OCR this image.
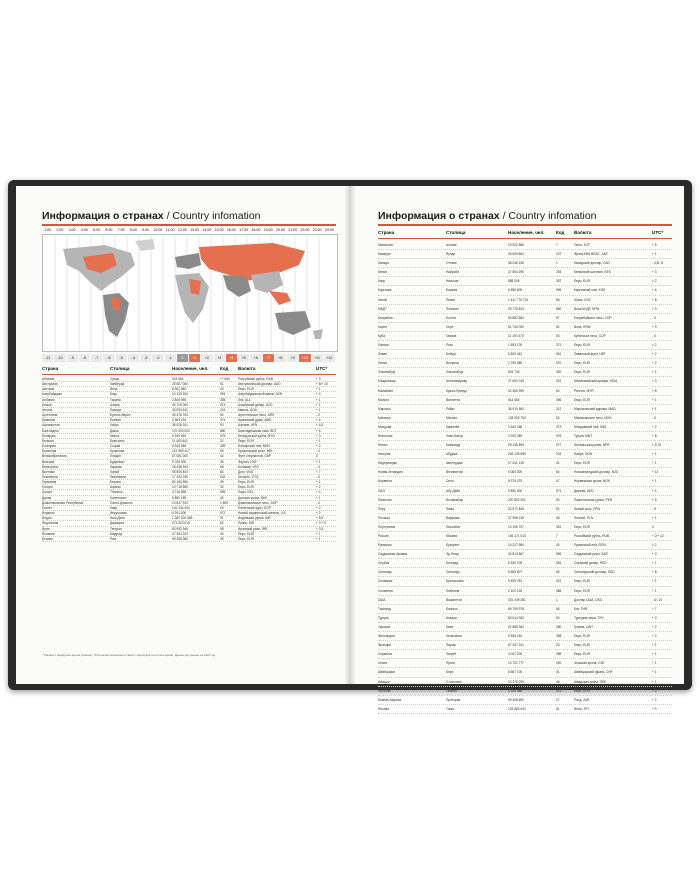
Информация о странах / Country infomation
1:00	2:00	3:00	4:00	5:00	6:00	7:00	8:00	9:00	10:00 11:00 12:00 13:00 14:00 15:00 16:00 17:00 18:00 19:00 20:00 21:00 22:00 23:00 24:00
-11	-10	-9	-8	-7	-6	-5	-4	-3	-2	-1	0	+1	+2	+3	+4	+5	+6	+7	+8	+9	+10	+11	+12
Страна	Столица	Население, чел.	Код	Валюта	UTC*
Абхазия	Сухум	243 564	+7 840	Российский рубль, RUB	+ 3
Австралия	Канберра	25 807 000	61	Австралийский доллар, AUD	+ 8/+ 10
Австрия	Вена	8 902 582	43	Евро, EUR	+ 1
Азербайджан	Баку	10 139 200	994	Азербайджанский манат, AZN	+ 4
Албания	Тирана	2 845 955	355	Лек, ALL	+ 1
Алжир	Алжир	44 700 000	213	Алжирский динар, DZD	+ 1
Ангола	Луанда	33 933 611	244	Кванза, AOA	+ 1
Аргентина	Буэнос-Айрес	45 376 763	54	Аргентинское песо, ARS	- 3
Армения	Ереван	2 963 234	374	Армянский драм, AMD	+ 4
Афганистан	Кабул	38 928 341	93	Афгани, AFN	+ 4,5
Бангладеш	Дакка	170 000 000	880	Бангладешская така, BDT	+ 6
Беларусь	Минск	9 349 645	375	Белорусский рубль, BYN	+ 3
Бельгия	Брюссель	11 492 641	32	Евро, EUR	+ 1
Болгария	София	6 916 548	359	Болгарский лев, BGN	+ 2
Бразилия	Бразилиа	212 559 417	55	Бразильский реал, BRL	- 3
Великобритания	Лондон	67 081 000	44	Фунт стерлингов, GBP	0
Венгрия	Будапешт	9 769 000	36	Форинт, HUF	+ 1
Венесуэла	Каракас	28 435 943	58	Боливар, VES	- 4
Вьетнам	Ханой	98 505 400	84	Донг, VND	+ 7
Гватемала	Гватемала	17 263 239	502	Кетсаль, GTQ	- 6
Германия	Берлин	83 190 556	49	Евро, EUR	+ 1
Греция	Афины	10 718 565	30	Евро, EUR	+ 2
Грузия	Тбилиси	3 716 858	995	Лари, GEL	+ 4
Дания	Копенгаген	5 850 189	45	Датская крона, DKK	+ 1
Доминиканская Республика	Санто-Доминго	10 847 910	1 809	Доминиканское песо, DOP	- 4
Египет	Каир	102 334 404	20	Египетский фунт, EGP	+ 2
Израиль	Иерусалим	9 291 000	972	Новый израильский шекель, ILS	+ 2
Индия	Нью-Дели	1 380 004 385	91	Индийская рупия, INR	+ 5,5
Индонезия	Джакарта	273 523 615	62	Рупия, IDR	+ 7/+ 9
Иран	Тегеран	83 992 949	98	Иранский риал, IRR	+ 3,5
Испания	Мадрид	47 394 223	34	Евро, EUR	+ 1
Италия	Рим	59 258 384	39	Евро, EUR	+ 1
* Указано стандартное время (зимнее). Отклонения возможны в связи с переходом на летнее время. Данные актуальны на 2023 год.
Информация о странах / Country infomation
Страна	Столица	Население, чел.	Код	Валюта	UTC*
Казахстан	Астана	19 002 586	7	Тенге, KZT	+ 5
Камерун	Яунде	26 545 864	237	Франк КФА BEAC, XAF	+ 1
Канада	Оттава	38 246 108	1	Канадский доллар, CAD	- 3,5/- 8
Кения	Найроби	47 564 296	254	Кенийский шиллинг, KES	+ 3
Кипр	Никосия	888 005	357	Евро, EUR	+ 2
Киргизия	Бишкек	6 586 600	996	Киргизский сом, KGS	+ 6
Китай	Пекин	1 411 778 724	86	Юань, CNY	+ 8
КНДР	Пхеньян	25 778 815	850	Вона КНДР, KPW	+ 9
Колумбия	Богота	50 882 884	57	Колумбийское песо, COP	- 5
Корея	Сеул	51 745 000	82	Вона, KRW	+ 9
Куба	Гавана	11 193 470	53	Кубинское песо, CUP	- 5
Латвия	Рига	1 893 700	371	Евро, EUR	+ 2
Ливан	Бейрут	6 825 442	961	Ливанский фунт, LBP	+ 2
Литва	Вильнюс	2 795 680	370	Евро, EUR	+ 2
Люксембург	Люксембург	634 730	352	Евро, EUR	+ 1
Мадагаскар	Антананариву	27 691 018	261	Малагасийский ариари, MGA	+ 3
Малайзия	Куала-Лумпур	32 365 999	60	Ринггит, MYR	+ 8
Мальта	Валлетта	514 564	356	Евро, EUR	+ 1
Марокко	Рабат	36 910 560	212	Марокканский дирхам, MAD	+ 1
Мексика	Мехико	128 932 753	52	Мексиканское песо, MXN	- 6
Молдова	Кишинёв	2 640 438	373	Молдавский лей, MDL	+ 2
Монголия	Улан-Батор	3 329 289	976	Тугрик, MNT	+ 8
Непал	Катманду	29 136 808	977	Непальская рупия, NPR	+ 5,75
Нигерия	Абуджа	206 139 589	234	Найра, NGN	+ 1
Нидерланды	Амстердам	17 441 139	31	Евро, EUR	+ 1
Новая Зеландия	Веллингтон	5 084 300	64	Новозеландский доллар, NZD	+ 12
Норвегия	Осло	5 379 475	47	Норвежская крона, NOK	+ 1
ОАЭ	Абу-Даби	9 890 400	971	Дирхам, AED	+ 4
Пакистан	Исламабад	220 892 331	92	Пакистанская рупия, PKR	+ 5
Перу	Лима	32 971 846	51	Новый соль, PEN	- 5
Польша	Варшава	37 958 138	48	Злотый, PLN	+ 1
Португалия	Лиссабон	10 196 707	351	Евро, EUR	0
Россия	Москва	146 171 015	7	Российский рубль, RUB	+ 2/+ 12
Румыния	Бухарест	19 317 984	40	Румынский лей, RON	+ 2
Саудовская Аравия	Эр-Рияд	34 813 867	966	Саудовский риял, SAR	+ 3
Сербия	Белград	6 926 705	381	Сербский динар, RSD	+ 1
Сингапур	Сингапур	5 685 807	65	Сингапурский доллар, SGD	+ 8
Словакия	Братислава	5 459 781	421	Евро, EUR	+ 1
Словения	Любляна	2 100 126	386	Евро, EUR	+ 1
США	Вашингтон	331 449 281	1	Доллар США, USD	- 5/- 10
Таиланд	Бангкок	69 799 978	66	Бат, THB	+ 7
Турция	Анкара	83 614 362	90	Турецкая лира, TRY	+ 3
Украина	Киев	41 588 354	380	Гривна, UAH	+ 2
Финляндия	Хельсинки	5 536 146	358	Евро, EUR	+ 2
Франция	Париж	67 407 241	33	Евро, EUR	+ 1
Хорватия	Загреб	4 047 200	385	Евро, EUR	+ 1
Чехия	Прага	10 701 777	420	Чешская крона, CZK	+ 1
Швейцария	Берн	8 667 100	41	Швейцарский франк, CHF	+ 1
Швеция	Стокгольм	10 379 295	46	Шведская крона, SEK	+ 1
Эстония	Таллин	1 330 068	372	Евро, EUR	+ 2
Южная Африка	Претория	59 308 690	27	Рэнд, ZAR	+ 2
Япония	Токио	125 880 000	81	Иена, JPY	+ 9
